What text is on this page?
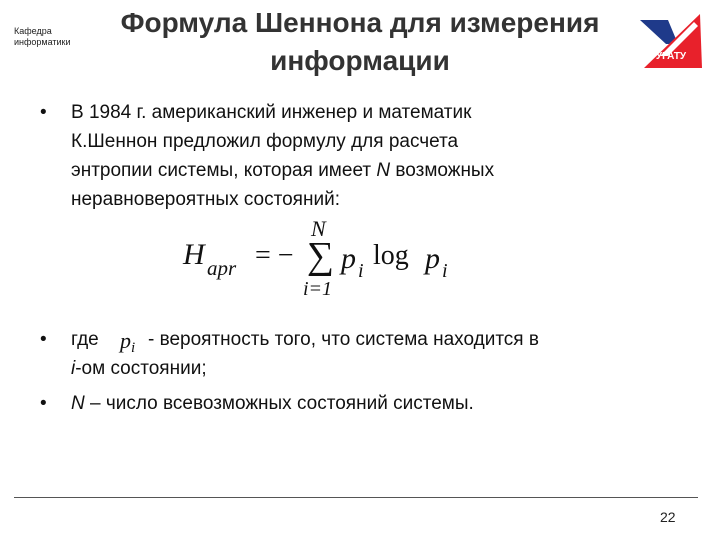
Кафедра
информатики
Формула Шеннона для измерения
информации	УГАТУ
• В 1984 г. американский инженер и математик
К.Шеннон предложил формулу для расчета
энтропии системы, которая имеет N возможных
неравновероятных состояний:
H apr = −
N
∑
i=1
p i log p i
• где $p_i$ - вероятность того, что система находится в
i-ом состоянии;
• N – число всевозможных состояний системы.
22
